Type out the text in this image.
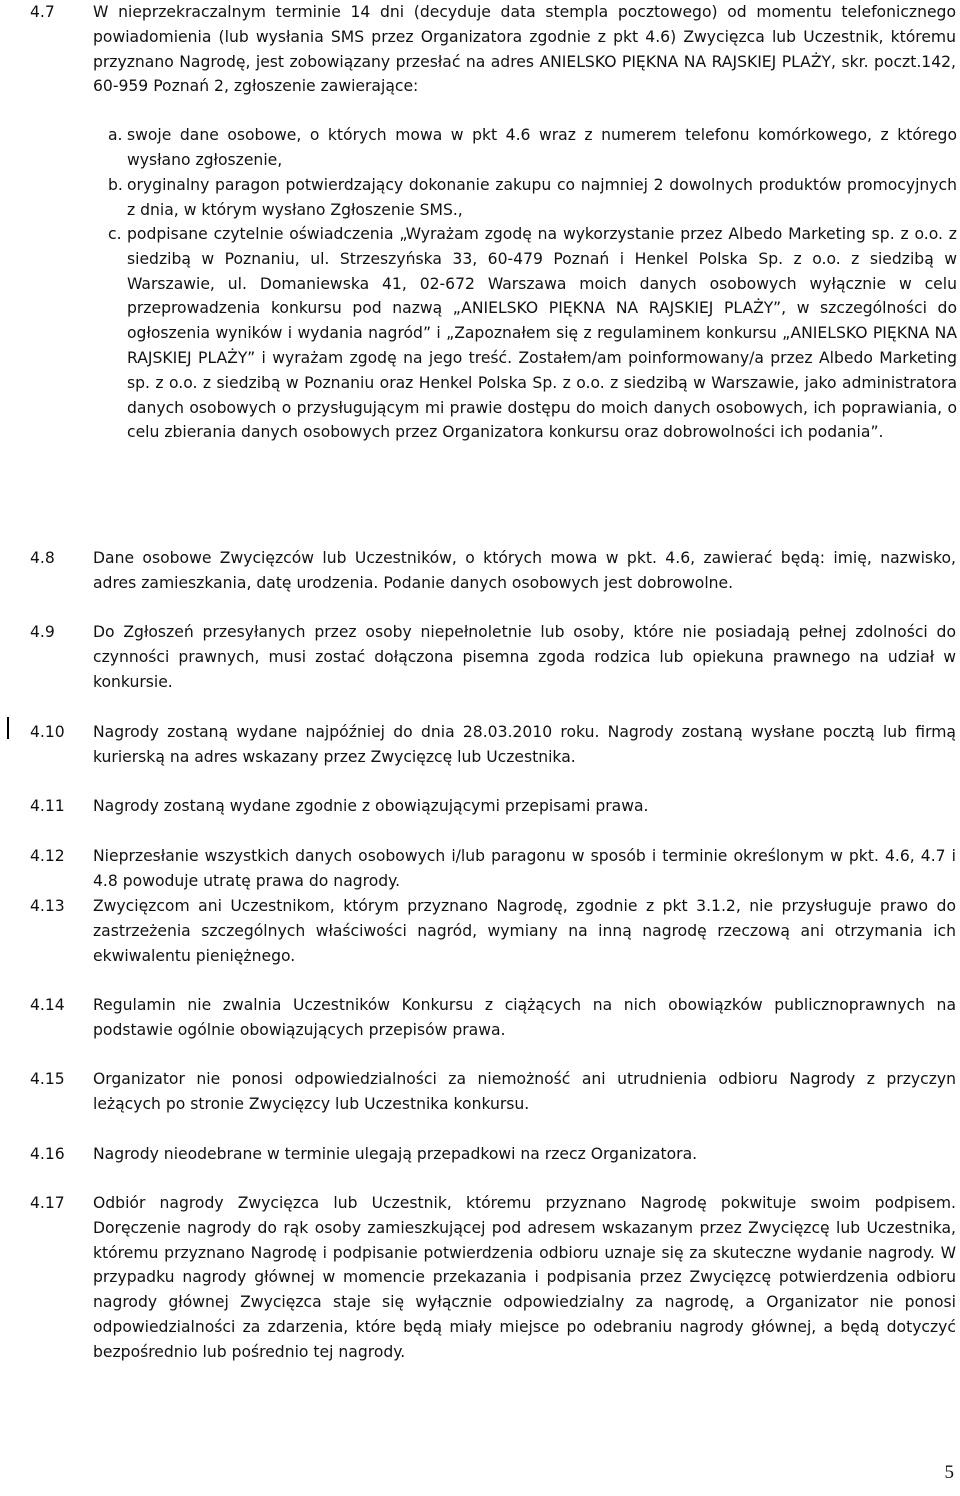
4.7 W nieprzekraczalnym terminie 14 dni (decyduje data stempla pocztowego) od momentu telefonicznego powiadomienia (lub wysłania SMS przez Organizatora zgodnie z pkt 4.6) Zwycięzca lub Uczestnik, któremu przyznano Nagrodę, jest zobowiązany przesłać na adres ANIELSKO PIĘKNA NA RAJSKIEJ PLAŻY, skr. poczt.142, 60-959 Poznań 2, zgłoszenie zawierające:
a. swoje dane osobowe, o których mowa w pkt 4.6 wraz z numerem telefonu komórkowego, z którego wysłano zgłoszenie,
b. oryginalny paragon potwierdzający dokonanie zakupu co najmniej 2 dowolnych produktów promocyjnych z dnia, w którym wysłano Zgłoszenie SMS.,
c. podpisane czytelnie oświadczenia „Wyrażam zgodę na wykorzystanie przez Albedo Marketing sp. z o.o. z siedzibą w Poznaniu, ul. Strzeszyńska 33, 60-479 Poznań i Henkel Polska Sp. z o.o. z siedzibą w Warszawie, ul. Domaniewska 41, 02-672 Warszawa moich danych osobowych wyłącznie w celu przeprowadzenia konkursu pod nazwą „ANIELSKO PIĘKNA NA RAJSKIEJ PLAŻY”, w szczególności do ogłoszenia wyników i wydania nagród” i „Zapoznałem się z regulaminem konkursu „ANIELSKO PIĘKNA NA RAJSKIEJ PLAŻY” i wyrażam zgodę na jego treść. Zostałem/am poinformowany/a przez Albedo Marketing sp. z o.o. z siedzibą w Poznaniu oraz Henkel Polska Sp. z o.o. z siedzibą w Warszawie, jako administratora danych osobowych o przysługującym mi prawie dostępu do moich danych osobowych, ich poprawiania, o celu zbierania danych osobowych przez Organizatora konkursu oraz dobrowolności ich podania”.
4.8 Dane osobowe Zwycięzców lub Uczestników, o których mowa w pkt. 4.6, zawierać będą: imię, nazwisko, adres zamieszkania, datę urodzenia. Podanie danych osobowych jest dobrowolne.
4.9 Do Zgłoszeń przesyłanych przez osoby niepełnoletnie lub osoby, które nie posiadają pełnej zdolności do czynności prawnych, musi zostać dołączona pisemna zgoda rodzica lub opiekuna prawnego na udział w konkursie.
4.10 Nagrody zostaną wydane najpóźniej do dnia 28.03.2010 roku. Nagrody zostaną wysłane pocztą lub firmą kurierską na adres wskazany przez Zwycięzcę lub Uczestnika.
4.11 Nagrody zostaną wydane zgodnie z obowiązującymi przepisami prawa.
4.12 Nieprzesłanie wszystkich danych osobowych i/lub paragonu w sposób i terminie określonym w pkt. 4.6, 4.7 i 4.8 powoduje utratę prawa do nagrody.
4.13 Zwycięzcom ani Uczestnikom, którym przyznano Nagrodę, zgodnie z pkt 3.1.2, nie przysługuje prawo do zastrzeżenia szczególnych właściwości nagród, wymiany na inną nagrodę rzeczową ani otrzymania ich ekwiwalentu pieniężnego.
4.14 Regulamin nie zwalnia Uczestników Konkursu z ciążących na nich obowiązków publicznoprawnych na podstawie ogólnie obowiązujących przepisów prawa.
4.15 Organizator nie ponosi odpowiedzialności za niemożność ani utrudnienia odbioru Nagrody z przyczyn leżących po stronie Zwycięzcy lub Uczestnika konkursu.
4.16 Nagrody nieodebrane w terminie ulegają przepadkowi na rzecz Organizatora.
4.17 Odbiór nagrody Zwycięzca lub Uczestnik, któremu przyznano Nagrodę pokwituje swoim podpisem. Doręczenie nagrody do rąk osoby zamieszkującej pod adresem wskazanym przez Zwycięzcę lub Uczestnika, któremu przyznano Nagrodę i podpisanie potwierdzenia odbioru uznaje się za skuteczne wydanie nagrody. W przypadku nagrody głównej w momencie przekazania i podpisania przez Zwycięzcę potwierdzenia odbioru nagrody głównej Zwycięzca staje się wyłącznie odpowiedzialny za nagrodę, a Organizator nie ponosi odpowiedzialności za zdarzenia, które będą miały miejsce po odebraniu nagrody głównej, a będą dotyczyć bezpośrednio lub pośrednio tej nagrody.
5
